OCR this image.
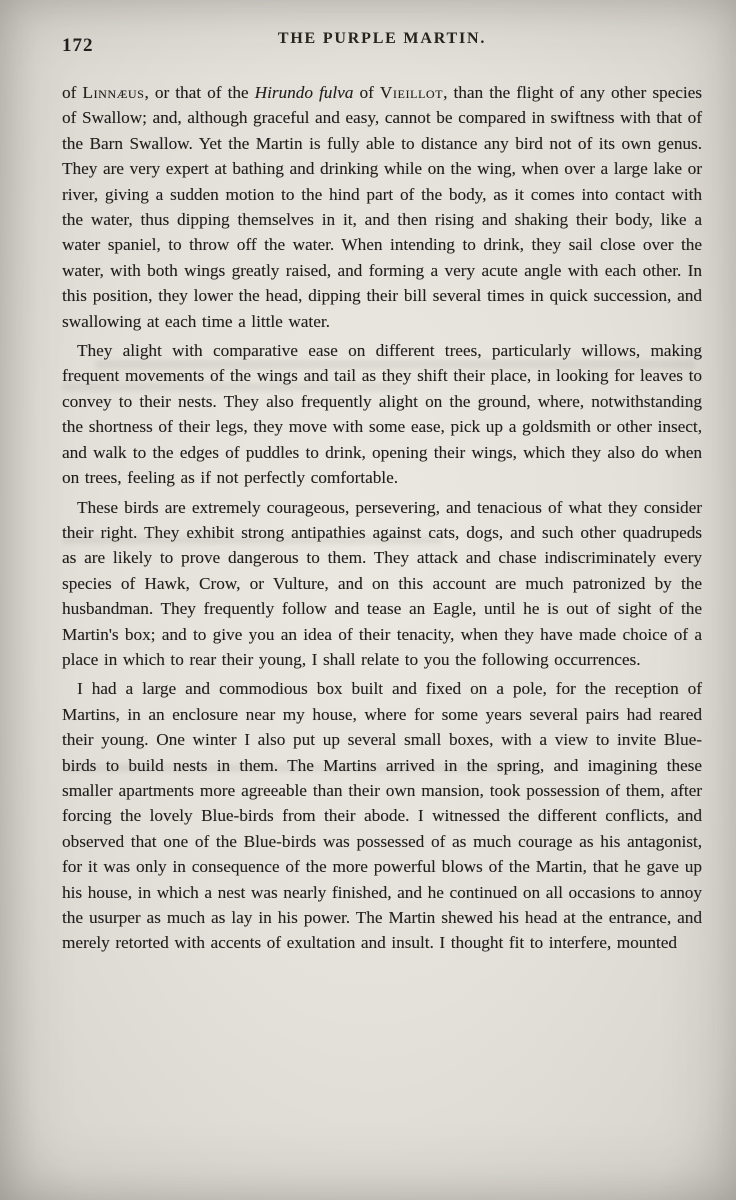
172	THE PURPLE MARTIN.

of Linnæus, or that of the Hirundo fulva of Vieillot, than the flight of any other species of Swallow; and, although graceful and easy, cannot be compared in swiftness with that of the Barn Swallow. Yet the Martin is fully able to distance any bird not of its own genus. They are very expert at bathing and drinking while on the wing, when over a large lake or river, giving a sudden motion to the hind part of the body, as it comes into contact with the water, thus dipping themselves in it, and then rising and shaking their body, like a water spaniel, to throw off the water. When intending to drink, they sail close over the water, with both wings greatly raised, and forming a very acute angle with each other. In this position, they lower the head, dipping their bill several times in quick succession, and swallowing at each time a little water.

They alight with comparative ease on different trees, particularly willows, making frequent movements of the wings and tail as they shift their place, in looking for leaves to convey to their nests. They also frequently alight on the ground, where, notwithstanding the shortness of their legs, they move with some ease, pick up a goldsmith or other insect, and walk to the edges of puddles to drink, opening their wings, which they also do when on trees, feeling as if not perfectly comfortable.

These birds are extremely courageous, persevering, and tenacious of what they consider their right. They exhibit strong antipathies against cats, dogs, and such other quadrupeds as are likely to prove dangerous to them. They attack and chase indiscriminately every species of Hawk, Crow, or Vulture, and on this account are much patronized by the husbandman. They frequently follow and tease an Eagle, until he is out of sight of the Martin's box; and to give you an idea of their tenacity, when they have made choice of a place in which to rear their young, I shall relate to you the following occurrences.

I had a large and commodious box built and fixed on a pole, for the reception of Martins, in an enclosure near my house, where for some years several pairs had reared their young. One winter I also put up several small boxes, with a view to invite Blue-birds to build nests in them. The Martins arrived in the spring, and imagining these smaller apartments more agreeable than their own mansion, took possession of them, after forcing the lovely Blue-birds from their abode. I witnessed the different conflicts, and observed that one of the Blue-birds was possessed of as much courage as his antagonist, for it was only in consequence of the more powerful blows of the Martin, that he gave up his house, in which a nest was nearly finished, and he continued on all occasions to annoy the usurper as much as lay in his power. The Martin shewed his head at the entrance, and merely retorted with accents of exultation and insult. I thought fit to interfere, mounted
